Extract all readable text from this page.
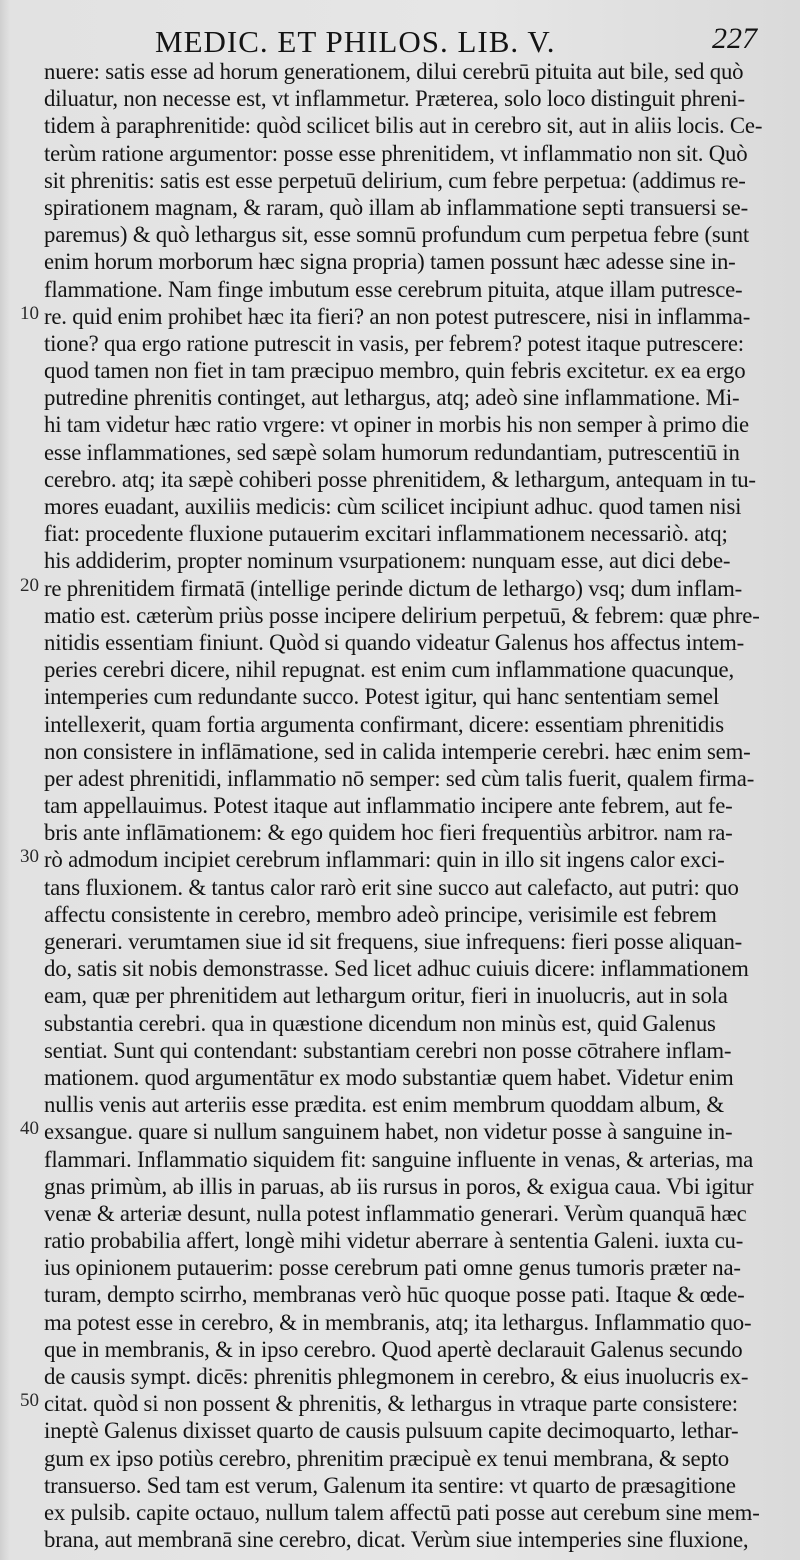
MEDIC. ET PHILOS. LIB. V.	227
nuere: satis esse ad horum generationem, dilui cerebrū pituita aut bile, sed quò
diluatur, non necesse est, vt inflammetur. Præterea, solo loco distinguit phreni-
tidem à paraphrenitide: quòd scilicet bilis aut in cerebro sit, aut in aliis locis. Ce-
terùm ratione argumentor: posse esse phrenitidem, vt inflammatio non sit. Quò
sit phrenitis: satis est esse perpetuū delirium, cum febre perpetua: (addimus re-
spirationem magnam, & raram, quò illam ab inflammatione septi transuersi se-
paremus) & quò lethargus sit, esse somnū profundum cum perpetua febre (sunt
enim horum morborum hæc signa propria) tamen possunt hæc adesse sine in-
flammatione. Nam finge imbutum esse cerebrum pituita, atque illam putresce-
10 re. quid enim prohibet hæc ita fieri? an non potest putrescere, nisi in inflamma-
tione? qua ergo ratione putrescit in vasis, per febrem? potest itaque putrescere:
quod tamen non fiet in tam præcipuo membro, quin febris excitetur. ex ea ergo
putredine phrenitis continget, aut lethargus, atq; adeò sine inflammatione. Mi-
hi tam videtur hæc ratio vrgere: vt opiner in morbis his non semper à primo die
esse inflammationes, sed sæpè solam humorum redundantiam, putrescentiū in
cerebro. atq; ita sæpè cohiberi posse phrenitidem, & lethargum, antequam in tu-
mores euadant, auxiliis medicis: cùm scilicet incipiunt adhuc. quod tamen nisi
fiat: procedente fluxione putauerim excitari inflammationem necessariò. atq;
his addiderim, propter nominum vsurpationem: nunquam esse, aut dici debe-
20 re phrenitidem firmatā (intellige perinde dictum de lethargo) vsq; dum inflam-
matio est. cæterùm priùs posse incipere delirium perpetuū, & febrem: quæ phre-
nitidis essentiam finiunt. Quòd si quando videatur Galenus hos affectus intem-
peries cerebri dicere, nihil repugnat. est enim cum inflammatione quacunque,
intemperies cum redundante succo. Potest igitur, qui hanc sententiam semel
intellexerit, quam fortia argumenta confirmant, dicere: essentiam phrenitidis
non consistere in inflāmatione, sed in calida intemperie cerebri. hæc enim sem-
per adest phrenitidi, inflammatio nō semper: sed cùm talis fuerit, qualem firma-
tam appellauimus. Potest itaque aut inflammatio incipere ante febrem, aut fe-
bris ante inflāmationem: & ego quidem hoc fieri frequentiùs arbitror. nam ra-
30 rò admodum incipiet cerebrum inflammari: quin in illo sit ingens calor exci-
tans fluxionem. & tantus calor rarò erit sine succo aut calefacto, aut putri: quo
affectu consistente in cerebro, membro adeò principe, verisimile est febrem
generari. verumtamen siue id sit frequens, siue infrequens: fieri posse aliquan-
do, satis sit nobis demonstrasse. Sed licet adhuc cuiuis dicere: inflammationem
eam, quæ per phrenitidem aut lethargum oritur, fieri in inuolucris, aut in sola
substantia cerebri. qua in quæstione dicendum non minùs est, quid Galenus
sentiat. Sunt qui contendant: substantiam cerebri non posse cōtrahere inflam-
mationem. quod argumentātur ex modo substantiæ quem habet. Videtur enim
nullis venis aut arteriis esse prædita. est enim membrum quoddam album, &
40 exsangue. quare si nullum sanguinem habet, non videtur posse à sanguine in-
flammari. Inflammatio siquidem fit: sanguine influente in venas, & arterias, ma
gnas primùm, ab illis in paruas, ab iis rursus in poros, & exigua caua. Vbi igitur
venæ & arteriæ desunt, nulla potest inflammatio generari. Verùm quanquā hæc
ratio probabilia affert, longè mihi videtur aberrare à sententia Galeni. iuxta cu-
ius opinionem putauerim: posse cerebrum pati omne genus tumoris præter na-
turam, dempto scirrho, membranas verò hūc quoque posse pati. Itaque & œde-
ma potest esse in cerebro, & in membranis, atq; ita lethargus. Inflammatio quo-
que in membranis, & in ipso cerebro. Quod apertè declarauit Galenus secundo
de causis sympt. dicēs: phrenitis phlegmonem in cerebro, & eius inuolucris ex-
50 citat. quòd si non possent & phrenitis, & lethargus in vtraque parte consistere:
ineptè Galenus dixisset quarto de causis pulsuum capite decimoquarto, lethar-
gum ex ipso potiùs cerebro, phrenitim præcipuè ex tenui membrana, & septo
transuerso. Sed tam est verum, Galenum ita sentire: vt quarto de præsagitione
ex pulsib. capite octauo, nullum talem affectū pati posse aut cerebum sine mem-
brana, aut membranā sine cerebro, dicat. Verùm siue intemperies sine fluxione,
